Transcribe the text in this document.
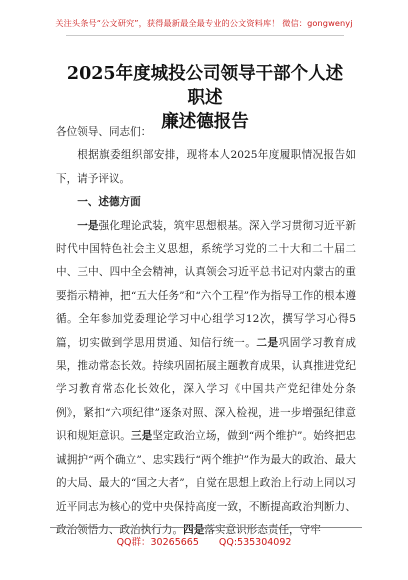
关注头条号“公文研究”，获得最新最全最专业的公文资料库！ 微信：gongwenyj
2025年度城投公司领导干部个人述职述
廉述德报告

各位领导、同志们：

根据旗委组织部安排，现将本人2025年度履职情况报告如下，请予评议。

一、述德方面

一是强化理论武装，筑牢思想根基。深入学习贯彻习近平新时代中国特色社会主义思想，系统学习党的二十大和二十届二中、三中、四中全会精神，认真领会习近平总书记对内蒙古的重要指示精神，把“五大任务”和“六个工程”作为指导工作的根本遵循。全年参加党委理论学习中心组学习12次，撰写学习心得5篇，切实做到学思用贯通、知信行统一。二是巩固学习教育成果，推动常态长效。持续巩固拓展主题教育成果，认真推进党纪学习教育常态化长效化，深入学习《中国共产党纪律处分条例》，紧扣“六项纪律”逐条对照、深入检视，进一步增强纪律意识和规矩意识。三是坚定政治立场，做到“两个维护”。始终把忠诚拥护“两个确立”、忠实践行“两个维护”作为最大的政治、最大的大局、最大的“国之大者”，自觉在思想上政治上行动上同以习近平同志为核心的党中央保持高度一致，不断提高政治判断力、政治领悟力、政治执行力。四是落实意识形态责任，守牢

QQ群：30265665 QQ:535304092
